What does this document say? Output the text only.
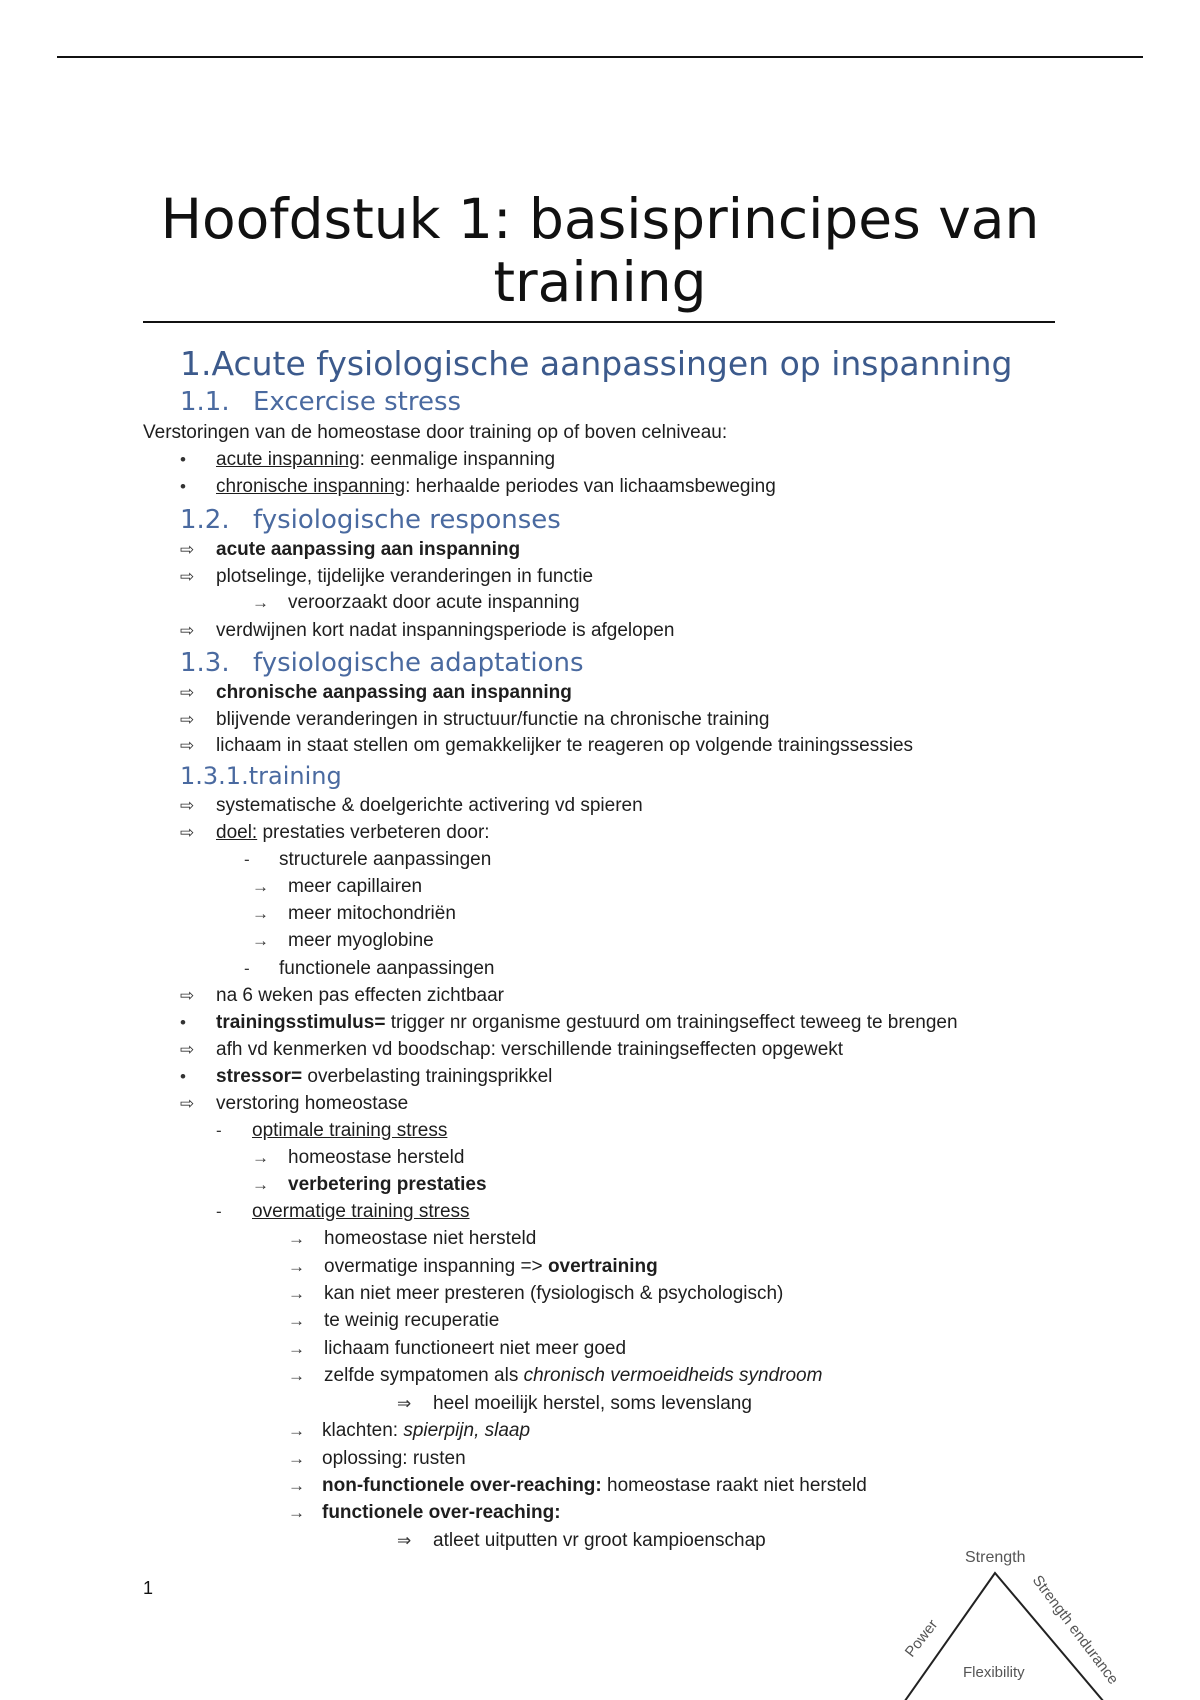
Hoofdstuk 1: basisprincipes van training
1.Acute fysiologische aanpassingen op inspanning
1.1. Excercise stress
Verstoringen van de homeostase door training op of boven celniveau:
• acute inspanning: eenmalige inspanning
• chronische inspanning: herhaalde periodes van lichaamsbeweging
1.2. fysiologische responses
⇨ acute aanpassing aan inspanning
⇨ plotselinge, tijdelijke veranderingen in functie
→ veroorzaakt door acute inspanning
⇨ verdwijnen kort nadat inspanningsperiode is afgelopen
1.3. fysiologische adaptations
⇨ chronische aanpassing aan inspanning
⇨ blijvende veranderingen in structuur/functie na chronische training
⇨ lichaam in staat stellen om gemakkelijker te reageren op volgende trainingssessies
1.3.1.training
⇨ systematische & doelgerichte activering vd spieren
⇨ doel: prestaties verbeteren door:
- structurele aanpassingen
→ meer capillairen
→ meer mitochondriën
→ meer myoglobine
- functionele aanpassingen
⇨ na 6 weken pas effecten zichtbaar
• trainingsstimulus= trigger nr organisme gestuurd om trainingseffect teweeg te brengen
⇨ afh vd kenmerken vd boodschap: verschillende trainingseffecten opgewekt
• stressor= overbelasting trainingsprikkel
⇨ verstoring homeostase
- optimale training stress
→ homeostase hersteld
→ verbetering prestaties
- overmatige training stress
→ homeostase niet hersteld
→ overmatige inspanning => overtraining
→ kan niet meer presteren (fysiologisch & psychologisch)
→ te weinig recuperatie
→ lichaam functioneert niet meer goed
→ zelfde sympatomen als chronisch vermoeidheids syndroom
⇒ heel moeilijk herstel, soms levenslang
→ klachten: spierpijn, slaap
→ oplossing: rusten
→ non-functionele over-reaching: homeostase raakt niet hersteld
→ functionele over-reaching:
⇒ atleet uitputten vr groot kampioenschap
1
Strength
Power	Strength endurance
Flexibility
